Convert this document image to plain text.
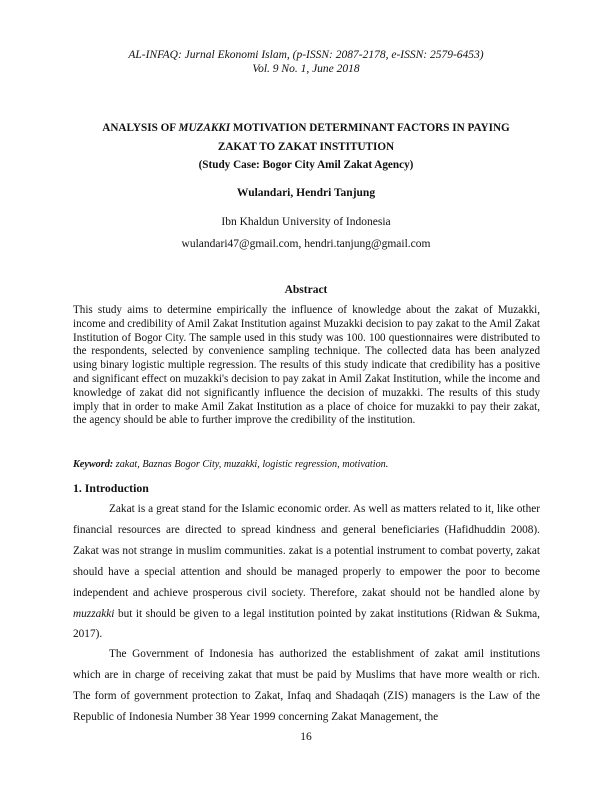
AL-INFAQ: Jurnal Ekonomi Islam, (p-ISSN: 2087-2178, e-ISSN: 2579-6453)
Vol. 9 No. 1, June 2018
ANALYSIS OF MUZAKKI MOTIVATION DETERMINANT FACTORS IN PAYING
ZAKAT TO ZAKAT INSTITUTION
(Study Case: Bogor City Amil Zakat Agency)
Wulandari, Hendri Tanjung
Ibn Khaldun University of Indonesia
wulandari47@gmail.com, hendri.tanjung@gmail.com
Abstract

This study aims to determine empirically the influence of knowledge about the zakat of Muzakki, income and credibility of Amil Zakat Institution against Muzakki decision to pay zakat to the Amil Zakat Institution of Bogor City. The sample used in this study was 100. 100 questionnaires were distributed to the respondents, selected by convenience sampling technique. The collected data has been analyzed using binary logistic multiple regression. The results of this study indicate that credibility has a positive and significant effect on muzakki's decision to pay zakat in Amil Zakat Institution, while the income and knowledge of zakat did not significantly influence the decision of muzakki. The results of this study imply that in order to make Amil Zakat Institution as a place of choice for muzakki to pay their zakat, the agency should be able to further improve the credibility of the institution.

Keyword: zakat, Baznas Bogor City, muzakki, logistic regression, motivation.

1. Introduction

Zakat is a great stand for the Islamic economic order. As well as matters related to it, like other financial resources are directed to spread kindness and general beneficiaries (Hafidhuddin 2008). Zakat was not strange in muslim communities. zakat is a potential instrument to combat poverty, zakat should have a special attention and should be managed properly to empower the poor to become independent and achieve prosperous civil society. Therefore, zakat should not be handled alone by muzzakki but it should be given to a legal institution pointed by zakat institutions (Ridwan & Sukma, 2017).

The Government of Indonesia has authorized the establishment of zakat amil institutions which are in charge of receiving zakat that must be paid by Muslims that have more wealth or rich. The form of government protection to Zakat, Infaq and Shadaqah (ZIS) managers is the Law of the Republic of Indonesia Number 38 Year 1999 concerning Zakat Management, the

16
